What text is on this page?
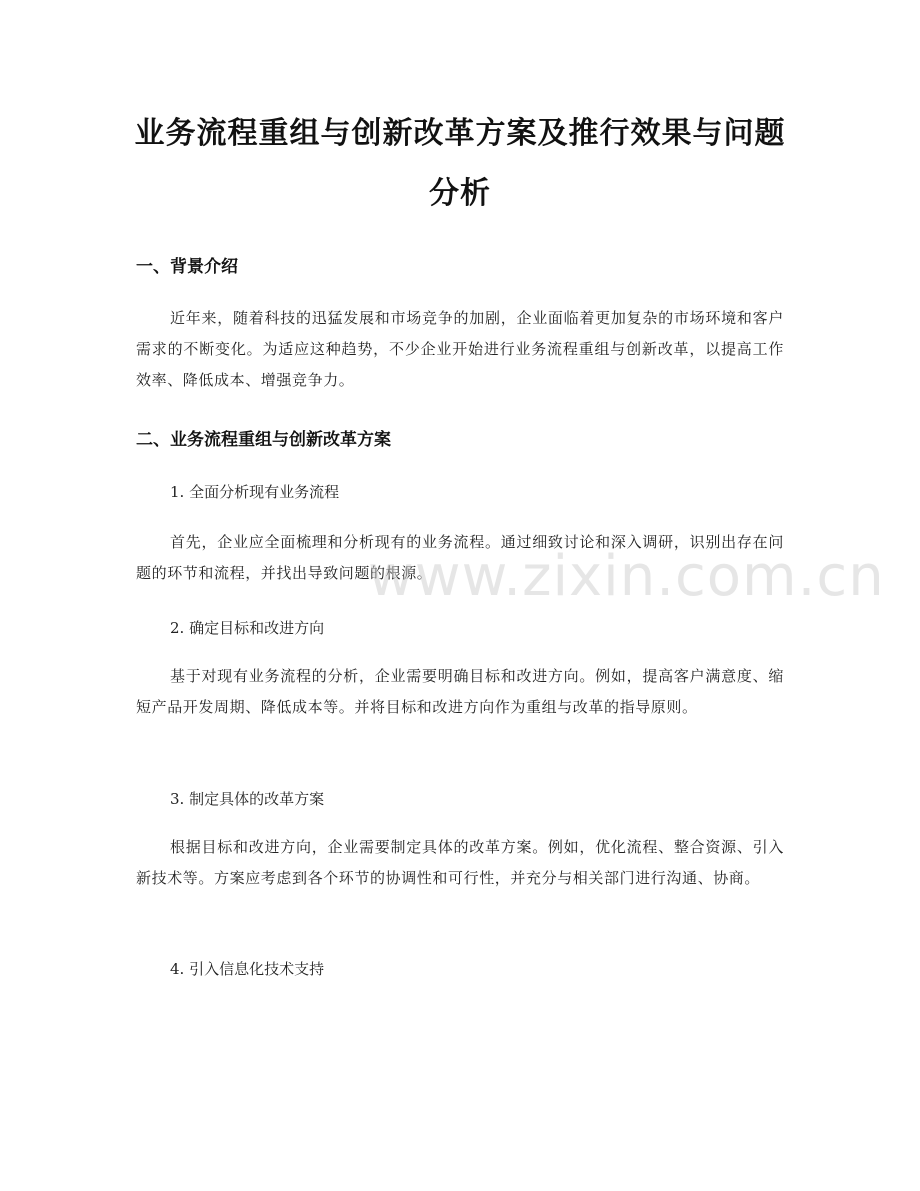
业务流程重组与创新改革方案及推行效果与问题分析
一、背景介绍

近年来，随着科技的迅猛发展和市场竞争的加剧，企业面临着更加复杂的市场环境和客户需求的不断变化。为适应这种趋势，不少企业开始进行业务流程重组与创新改革，以提高工作效率、降低成本、增强竞争力。

二、业务流程重组与创新改革方案

1. 全面分析现有业务流程

首先，企业应全面梳理和分析现有的业务流程。通过细致讨论和深入调研，识别出存在问题的环节和流程，并找出导致问题的根源。

2. 确定目标和改进方向

基于对现有业务流程的分析，企业需要明确目标和改进方向。例如，提高客户满意度、缩短产品开发周期、降低成本等。并将目标和改进方向作为重组与改革的指导原则。

3. 制定具体的改革方案

根据目标和改进方向，企业需要制定具体的改革方案。例如，优化流程、整合资源、引入新技术等。方案应考虑到各个环节的协调性和可行性，并充分与相关部门进行沟通、协商。

4. 引入信息化技术支持

www.zixin.com.cn
